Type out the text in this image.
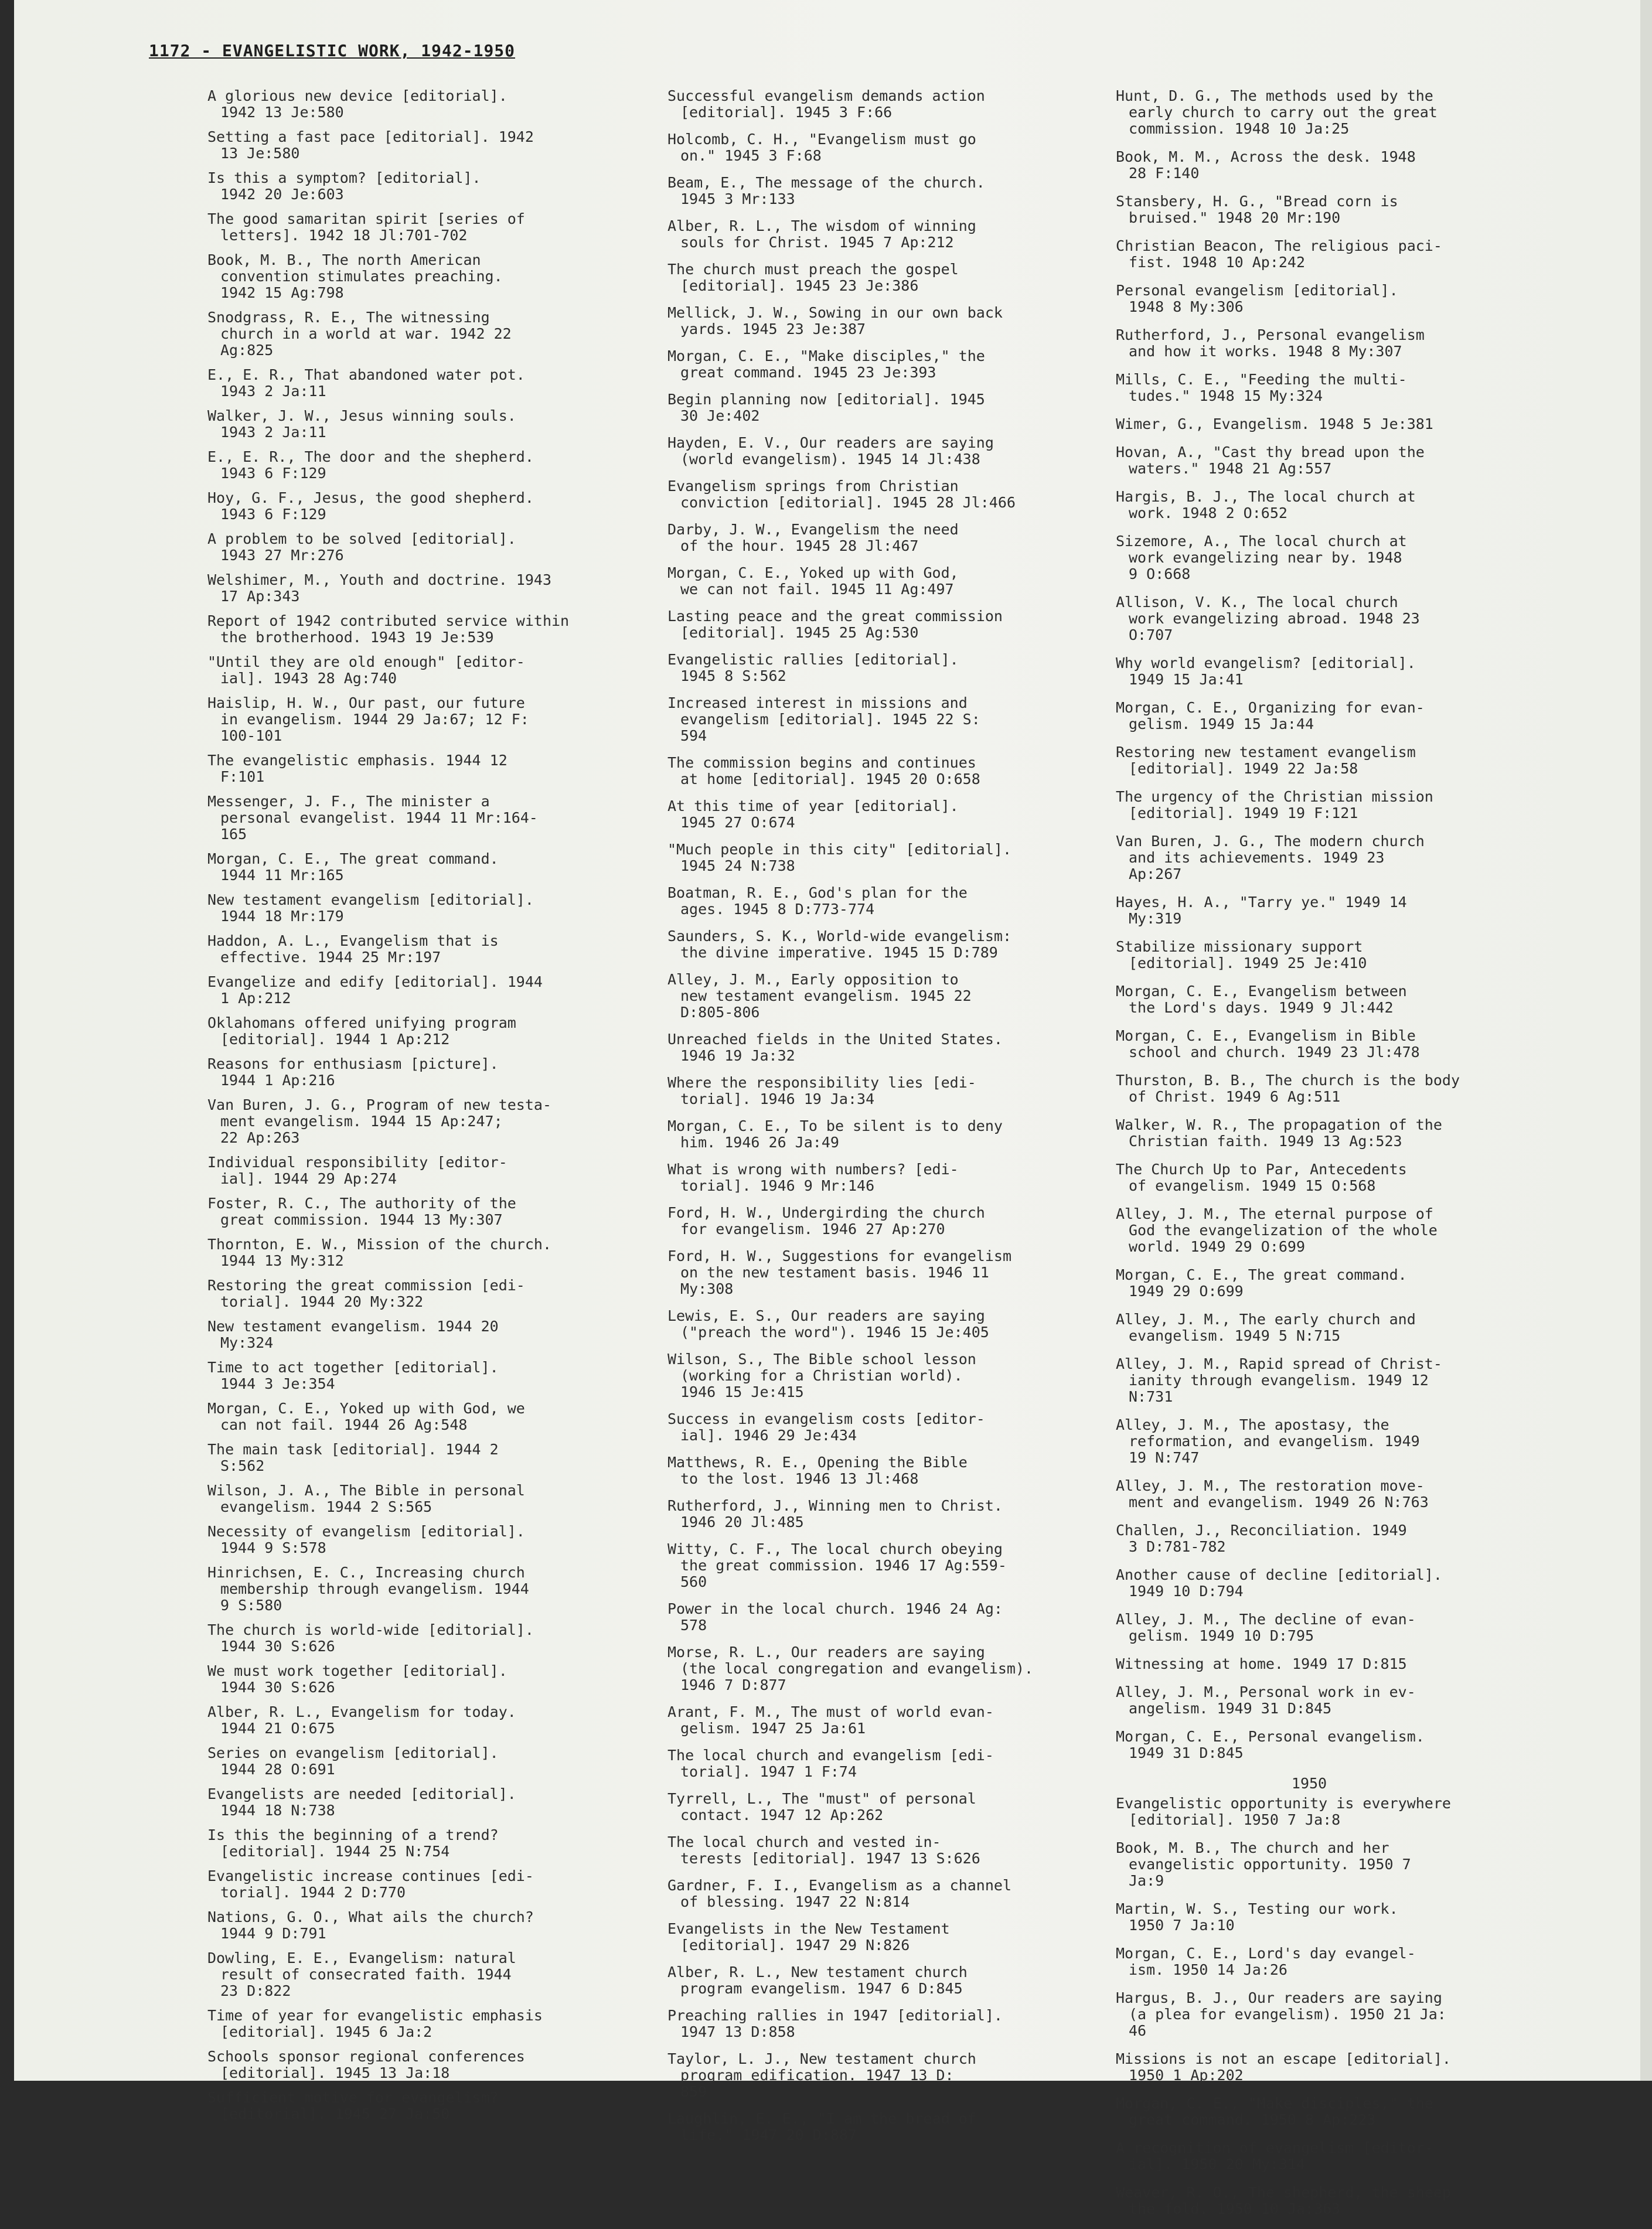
1172 - EVANGELISTIC WORK, 1942-1950
A glorious new device [editorial].
1942 13 Je:580
Setting a fast pace [editorial]. 1942
13 Je:580
Is this a symptom? [editorial].
1942 20 Je:603
The good samaritan spirit [series of
letters]. 1942 18 Jl:701-702
Book, M. B., The north American
convention stimulates preaching.
1942 15 Ag:798
Snodgrass, R. E., The witnessing
church in a world at war. 1942 22
Ag:825
E., E. R., That abandoned water pot.
1943 2 Ja:11
Walker, J. W., Jesus winning souls.
1943 2 Ja:11
E., E. R., The door and the shepherd.
1943 6 F:129
Hoy, G. F., Jesus, the good shepherd.
1943 6 F:129
A problem to be solved [editorial].
1943 27 Mr:276
Welshimer, M., Youth and doctrine. 1943
17 Ap:343
Report of 1942 contributed service within
the brotherhood. 1943 19 Je:539
"Until they are old enough" [editor-
ial]. 1943 28 Ag:740
Haislip, H. W., Our past, our future
in evangelism. 1944 29 Ja:67; 12 F:
100-101
The evangelistic emphasis. 1944 12
F:101
Messenger, J. F., The minister a
personal evangelist. 1944 11 Mr:164-
165
Morgan, C. E., The great command.
1944 11 Mr:165
New testament evangelism [editorial].
1944 18 Mr:179
Haddon, A. L., Evangelism that is
effective. 1944 25 Mr:197
Evangelize and edify [editorial]. 1944
1 Ap:212
Oklahomans offered unifying program
[editorial]. 1944 1 Ap:212
Reasons for enthusiasm [picture].
1944 1 Ap:216
Van Buren, J. G., Program of new testa-
ment evangelism. 1944 15 Ap:247;
22 Ap:263
Individual responsibility [editor-
ial]. 1944 29 Ap:274
Foster, R. C., The authority of the
great commission. 1944 13 My:307
Thornton, E. W., Mission of the church.
1944 13 My:312
Restoring the great commission [edi-
torial]. 1944 20 My:322
New testament evangelism. 1944 20
My:324
Time to act together [editorial].
1944 3 Je:354
Morgan, C. E., Yoked up with God, we
can not fail. 1944 26 Ag:548
The main task [editorial]. 1944 2
S:562
Wilson, J. A., The Bible in personal
evangelism. 1944 2 S:565
Necessity of evangelism [editorial].
1944 9 S:578
Hinrichsen, E. C., Increasing church
membership through evangelism. 1944
9 S:580
The church is world-wide [editorial].
1944 30 S:626
We must work together [editorial].
1944 30 S:626
Alber, R. L., Evangelism for today.
1944 21 O:675
Series on evangelism [editorial].
1944 28 O:691
Evangelists are needed [editorial].
1944 18 N:738
Is this the beginning of a trend?
[editorial]. 1944 25 N:754
Evangelistic increase continues [edi-
torial]. 1944 2 D:770
Nations, G. O., What ails the church?
1944 9 D:791
Dowling, E. E., Evangelism: natural
result of consecrated faith. 1944
23 D:822
Time of year for evangelistic emphasis
[editorial]. 1945 6 Ja:2
Schools sponsor regional conferences
[editorial]. 1945 13 Ja:18
Sufficient motive for evangelism?
[editorial]. 1945 27 Ja:50
Successful evangelism demands action
[editorial]. 1945 3 F:66
Holcomb, C. H., "Evangelism must go
on." 1945 3 F:68
Beam, E., The message of the church.
1945 3 Mr:133
Alber, R. L., The wisdom of winning
souls for Christ. 1945 7 Ap:212
The church must preach the gospel
[editorial]. 1945 23 Je:386
Mellick, J. W., Sowing in our own back
yards. 1945 23 Je:387
Morgan, C. E., "Make disciples," the
great command. 1945 23 Je:393
Begin planning now [editorial]. 1945
30 Je:402
Hayden, E. V., Our readers are saying
(world evangelism). 1945 14 Jl:438
Evangelism springs from Christian
conviction [editorial]. 1945 28 Jl:466
Darby, J. W., Evangelism the need
of the hour. 1945 28 Jl:467
Morgan, C. E., Yoked up with God,
we can not fail. 1945 11 Ag:497
Lasting peace and the great commission
[editorial]. 1945 25 Ag:530
Evangelistic rallies [editorial].
1945 8 S:562
Increased interest in missions and
evangelism [editorial]. 1945 22 S:
594
The commission begins and continues
at home [editorial]. 1945 20 O:658
At this time of year [editorial].
1945 27 O:674
"Much people in this city" [editorial].
1945 24 N:738
Boatman, R. E., God's plan for the
ages. 1945 8 D:773-774
Saunders, S. K., World-wide evangelism:
the divine imperative. 1945 15 D:789
Alley, J. M., Early opposition to
new testament evangelism. 1945 22
D:805-806
Unreached fields in the United States.
1946 19 Ja:32
Where the responsibility lies [edi-
torial]. 1946 19 Ja:34
Morgan, C. E., To be silent is to deny
him. 1946 26 Ja:49
What is wrong with numbers? [edi-
torial]. 1946 9 Mr:146
Ford, H. W., Undergirding the church
for evangelism. 1946 27 Ap:270
Ford, H. W., Suggestions for evangelism
on the new testament basis. 1946 11
My:308
Lewis, E. S., Our readers are saying
("preach the word"). 1946 15 Je:405
Wilson, S., The Bible school lesson
(working for a Christian world).
1946 15 Je:415
Success in evangelism costs [editor-
ial]. 1946 29 Je:434
Matthews, R. E., Opening the Bible
to the lost. 1946 13 Jl:468
Rutherford, J., Winning men to Christ.
1946 20 Jl:485
Witty, C. F., The local church obeying
the great commission. 1946 17 Ag:559-
560
Power in the local church. 1946 24 Ag:
578
Morse, R. L., Our readers are saying
(the local congregation and evangelism).
1946 7 D:877
Arant, F. M., The must of world evan-
gelism. 1947 25 Ja:61
The local church and evangelism [edi-
torial]. 1947 1 F:74
Tyrrell, L., The "must" of personal
contact. 1947 12 Ap:262
The local church and vested in-
terests [editorial]. 1947 13 S:626
Gardner, F. I., Evangelism as a channel
of blessing. 1947 22 N:814
Evangelists in the New Testament
[editorial]. 1947 29 N:826
Alber, R. L., New testament church
program evangelism. 1947 6 D:845
Preaching rallies in 1947 [editorial].
1947 13 D:858
Taylor, L. J., New testament church
program edification. 1947 13 D:
859
Laughlin, E. E., "I am the bread of
life." 1947 20 D:887
Hunt, D. G., The methods used by the
early church to carry out the great
commission. 1948 10 Ja:25
Book, M. M., Across the desk. 1948
28 F:140
Stansbery, H. G., "Bread corn is
bruised." 1948 20 Mr:190
Christian Beacon, The religious paci-
fist. 1948 10 Ap:242
Personal evangelism [editorial].
1948 8 My:306
Rutherford, J., Personal evangelism
and how it works. 1948 8 My:307
Mills, C. E., "Feeding the multi-
tudes." 1948 15 My:324
Wimer, G., Evangelism. 1948 5 Je:381
Hovan, A., "Cast thy bread upon the
waters." 1948 21 Ag:557
Hargis, B. J., The local church at
work. 1948 2 O:652
Sizemore, A., The local church at
work evangelizing near by. 1948
9 O:668
Allison, V. K., The local church
work evangelizing abroad. 1948 23
O:707
Why world evangelism? [editorial].
1949 15 Ja:41
Morgan, C. E., Organizing for evan-
gelism. 1949 15 Ja:44
Restoring new testament evangelism
[editorial]. 1949 22 Ja:58
The urgency of the Christian mission
[editorial]. 1949 19 F:121
Van Buren, J. G., The modern church
and its achievements. 1949 23
Ap:267
Hayes, H. A., "Tarry ye." 1949 14
My:319
Stabilize missionary support
[editorial]. 1949 25 Je:410
Morgan, C. E., Evangelism between
the Lord's days. 1949 9 Jl:442
Morgan, C. E., Evangelism in Bible
school and church. 1949 23 Jl:478
Thurston, B. B., The church is the body
of Christ. 1949 6 Ag:511
Walker, W. R., The propagation of the
Christian faith. 1949 13 Ag:523
The Church Up to Par, Antecedents
of evangelism. 1949 15 O:568
Alley, J. M., The eternal purpose of
God the evangelization of the whole
world. 1949 29 O:699
Morgan, C. E., The great command.
1949 29 O:699
Alley, J. M., The early church and
evangelism. 1949 5 N:715
Alley, J. M., Rapid spread of Christ-
ianity through evangelism. 1949 12
N:731
Alley, J. M., The apostasy, the
reformation, and evangelism. 1949
19 N:747
Alley, J. M., The restoration move-
ment and evangelism. 1949 26 N:763
Challen, J., Reconciliation. 1949
3 D:781-782
Another cause of decline [editorial].
1949 10 D:794
Alley, J. M., The decline of evan-
gelism. 1949 10 D:795
Witnessing at home. 1949 17 D:815
Alley, J. M., Personal work in ev-
angelism. 1949 31 D:845
Morgan, C. E., Personal evangelism.
1949 31 D:845
1950
Evangelistic opportunity is everywhere
[editorial]. 1950 7 Ja:8
Book, M. B., The church and her
evangelistic opportunity. 1950 7
Ja:9
Martin, W. S., Testing our work.
1950 7 Ja:10
Morgan, C. E., Lord's day evangel-
ism. 1950 14 Ja:26
Hargus, B. J., Our readers are saying
(a plea for evangelism). 1950 21 Ja:
46
Missions is not an escape [editorial].
1950 1 Ap:202
Morgan, C. E., "Make disciples," the
great command. 1950 8 Ap:223
A recognition of evangelism [editor-
ial]. 1950 20 My:314
Weaver, R. O., The shepherd, the sheep
the fold. 1950 10 Ja:363
